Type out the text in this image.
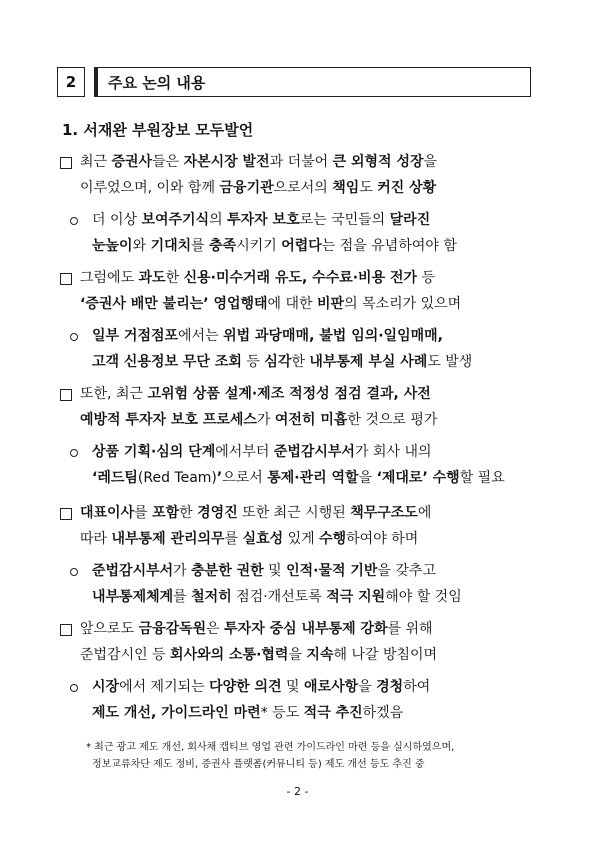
2	주요 논의 내용
1. 서재완 부원장보 모두발언
최근 증권사들은 자본시장 발전과 더불어 큰 외형적 성장을
이루었으며, 이와 함께 금융기관으로서의 책임도 커진 상황
더 이상 보여주기식의 투자자 보호로는 국민들의 달라진
눈높이와 기대치를 충족시키기 어렵다는 점을 유념하여야 함
그럼에도 과도한 신용·미수거래 유도, 수수료·비용 전가 등
‘증권사 배만 불리는’ 영업행태에 대한 비판의 목소리가 있으며
일부 거점점포에서는 위법 과당매매, 불법 임의·일임매매,
고객 신용정보 무단 조회 등 심각한 내부통제 부실 사례도 발생
또한, 최근 고위험 상품 설계·제조 적정성 점검 결과, 사전
예방적 투자자 보호 프로세스가 여전히 미흡한 것으로 평가
상품 기획·심의 단계에서부터 준법감시부서가 회사 내의
‘레드팀(Red Team)’으로서 통제·관리 역할을 ‘제대로’ 수행할 필요
대표이사를 포함한 경영진 또한 최근 시행된 책무구조도에
따라 내부통제 관리의무를 실효성 있게 수행하여야 하며
준법감시부서가 충분한 권한 및 인적·물적 기반을 갖추고
내부통제체계를 철저히 점검·개선토록 적극 지원해야 할 것임
앞으로도 금융감독원은 투자자 중심 내부통제 강화를 위해
준법감시인 등 회사와의 소통·협력을 지속해 나갈 방침이며
시장에서 제기되는 다양한 의견 및 애로사항을 경청하여
제도 개선, 가이드라인 마련* 등도 적극 추진하겠음
* 최근 광고 제도 개선, 회사채 캡티브 영업 관련 가이드라인 마련 등을 실시하였으며,
정보교류차단 제도 정비, 증권사 플랫폼(커뮤니티 등) 제도 개선 등도 추진 중
- 2 -
